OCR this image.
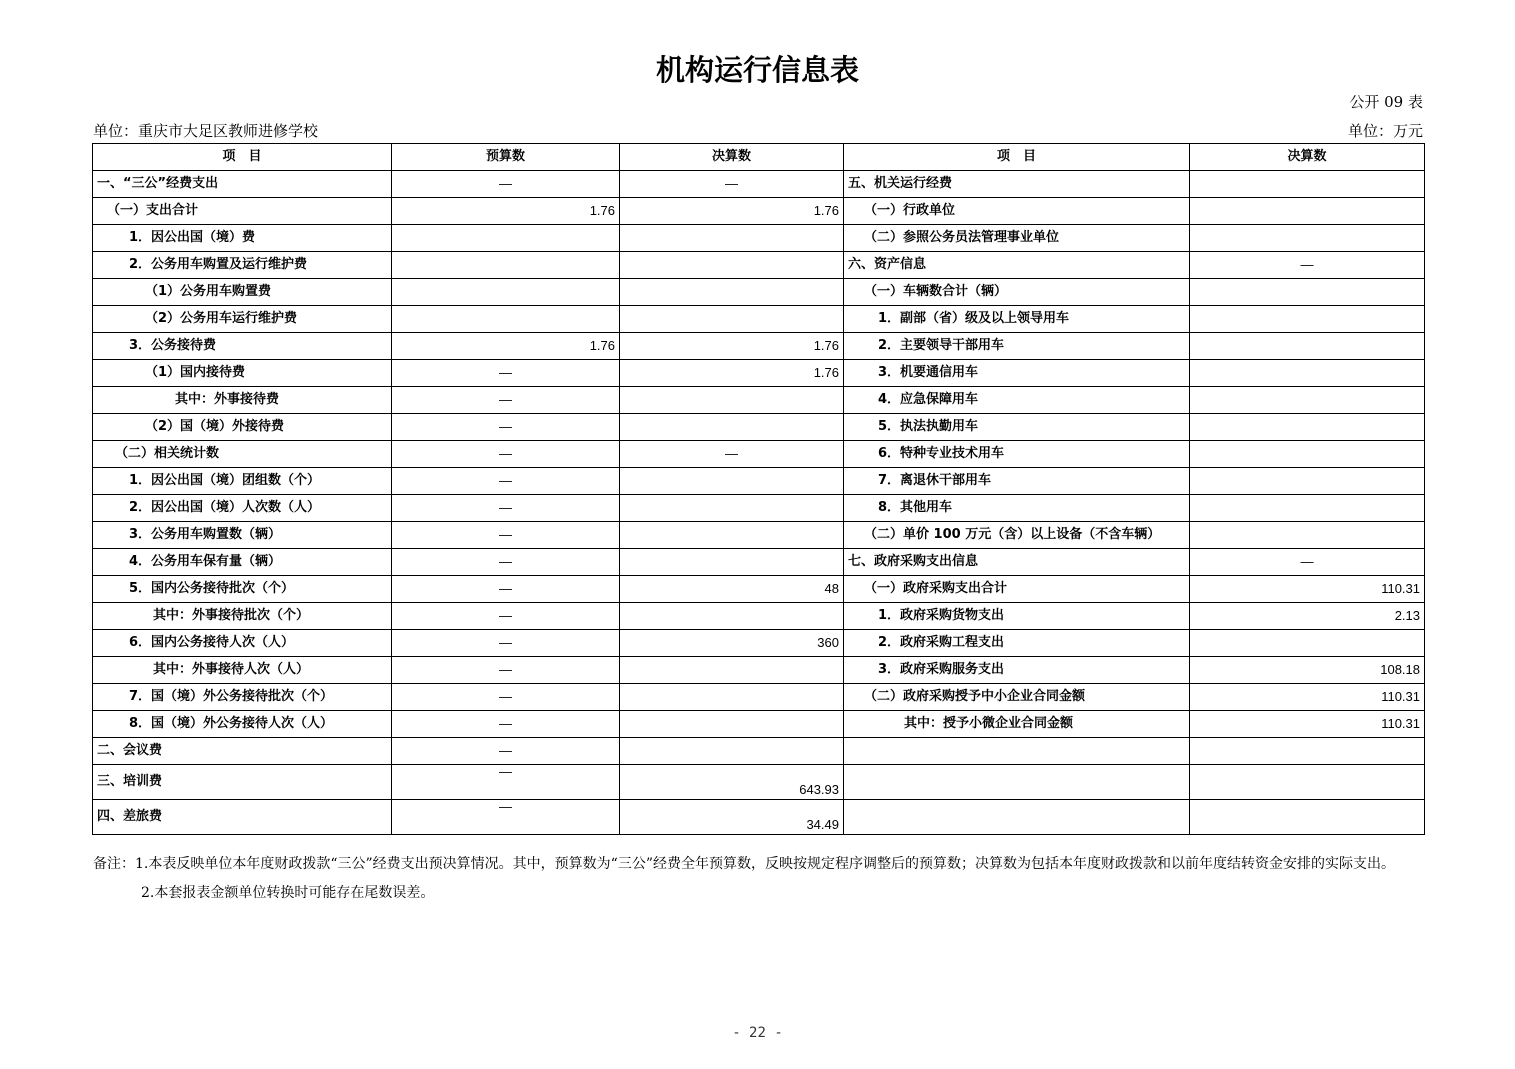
机构运行信息表
公开 09 表
单位：重庆市大足区教师进修学校	单位：万元
项　目	预算数	决算数	项　目	决算数
一、“三公”经费支出	—	—	五、机关运行经费	
（一）支出合计	1.76	1.76	（一）行政单位	
1．因公出国（境）费			（二）参照公务员法管理事业单位	
2．公务用车购置及运行维护费			六、资产信息	—
（1）公务用车购置费			（一）车辆数合计（辆）	
（2）公务用车运行维护费			1．副部（省）级及以上领导用车	
3．公务接待费	1.76	1.76	2．主要领导干部用车	
（1）国内接待费	—	1.76	3．机要通信用车	
其中：外事接待费	—		4．应急保障用车	
（2）国（境）外接待费	—		5．执法执勤用车	
（二）相关统计数	—	—	6．特种专业技术用车	
1．因公出国（境）团组数（个）	—		7．离退休干部用车	
2．因公出国（境）人次数（人）	—		8．其他用车	
3．公务用车购置数（辆）	—		（二）单价 100 万元（含）以上设备（不含车辆）	
4．公务用车保有量（辆）	—		七、政府采购支出信息	—
5．国内公务接待批次（个）	—	48	（一）政府采购支出合计	110.31
其中：外事接待批次（个）	—		1．政府采购货物支出	2.13
6．国内公务接待人次（人）	—	360	2．政府采购工程支出	
其中：外事接待人次（人）	—		3．政府采购服务支出	108.18
7．国（境）外公务接待批次（个）	—		（二）政府采购授予中小企业合同金额	110.31
8．国（境）外公务接待人次（人）	—		其中：授予小微企业合同金额	110.31
二、会议费	—			
三、培训费	—	643.93		
四、差旅费	—	34.49		
备注：1.本表反映单位本年度财政拨款“三公”经费支出预决算情况。其中，预算数为“三公”经费全年预算数，反映按规定程序调整后的预算数；决算数为包括本年度财政拨款和以前年度结转资金安排的实际支出。
2.本套报表金额单位转换时可能存在尾数误差。
- 22 -
